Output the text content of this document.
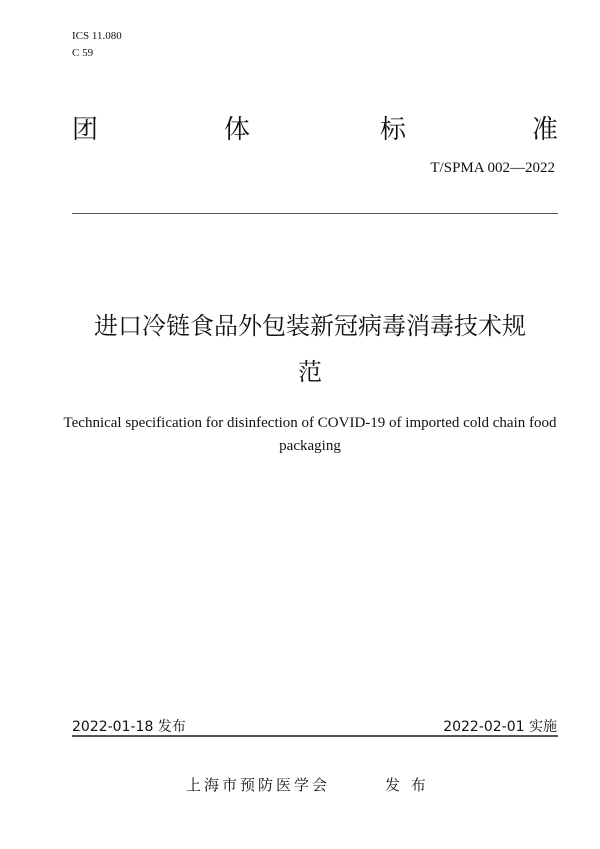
ICS 11.080
C 59
团	体	标	准
T/SPMA 002—2022
进口冷链食品外包装新冠病毒消毒技术规
范
Technical specification for disinfection of COVID-19 of imported cold chain food
packaging
2022-01-18 发布	2022-02-01 实施
上海市预防医学会	发 布
